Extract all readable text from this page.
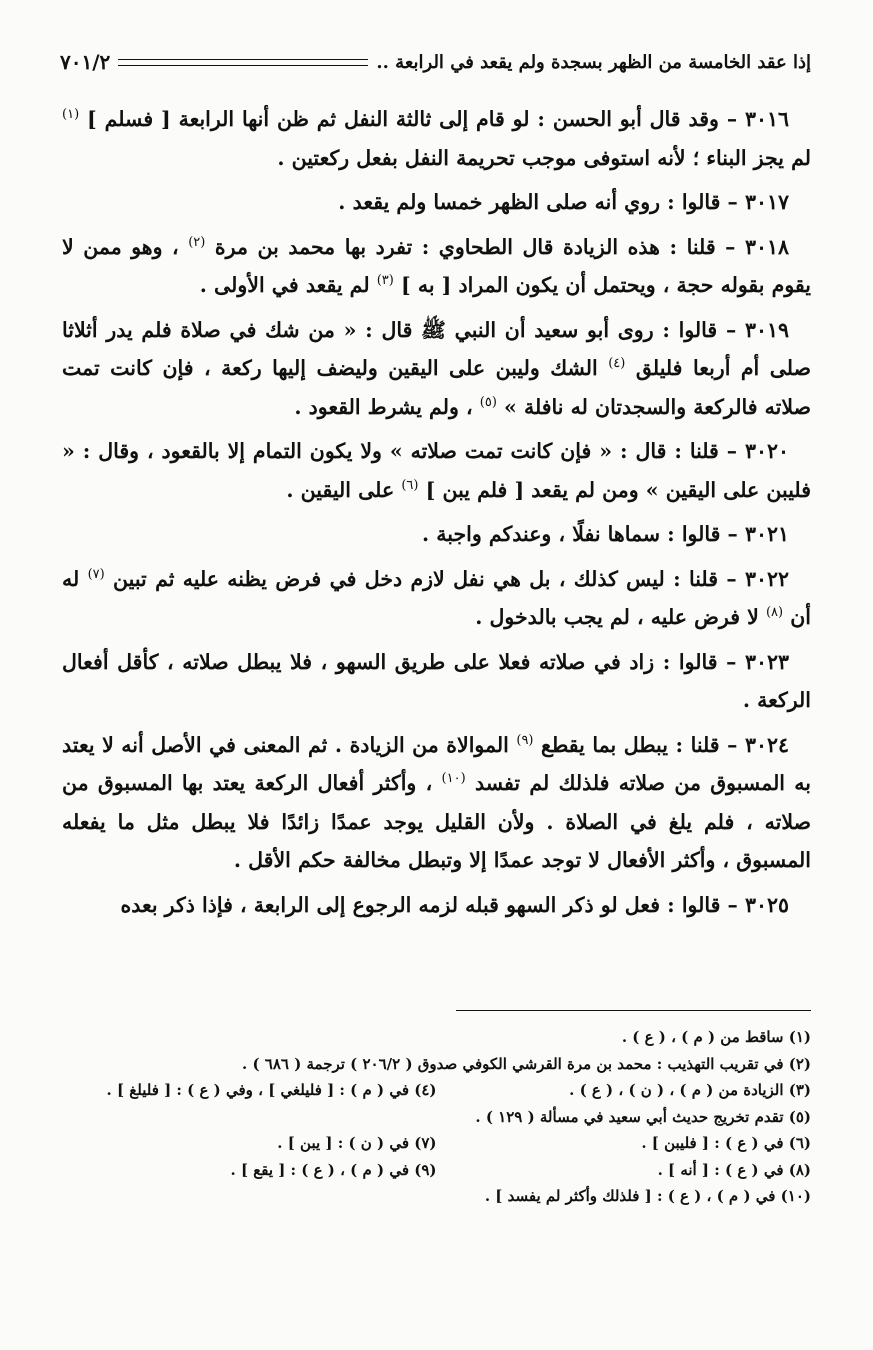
إذا عقد الخامسة من الظهر بسجدة ولم يقعد في الرابعة ..
٧٠١/٢

٣٠١٦ – وقد قال أبو الحسن : لو قام إلى ثالثة النفل ثم ظن أنها الرابعة [ فسلم ] $^{(١)}$ لم يجز البناء ؛ لأنه استوفى موجب تحريمة النفل بفعل ركعتين .

٣٠١٧ – قالوا : روي أنه صلى الظهر خمسا ولم يقعد .

٣٠١٨ – قلنا : هذه الزيادة قال الطحاوي : تفرد بها محمد بن مرة $^{(٢)}$ ، وهو ممن لا يقوم بقوله حجة ، ويحتمل أن يكون المراد [ به ] $^{(٣)}$ لم يقعد في الأولى .

٣٠١٩ – قالوا : روى أبو سعيد أن النبي ﷺ قال : « من شك في صلاة فلم يدر أثلاثا صلى أم أربعا فليلق $^{(٤)}$ الشك وليبن على اليقين وليضف إليها ركعة ، فإن كانت تمت صلاته فالركعة والسجدتان له نافلة » $^{(٥)}$ ، ولم يشرط القعود .

٣٠٢٠ – قلنا : قال : « فإن كانت تمت صلاته » ولا يكون التمام إلا بالقعود ، وقال : « فليبن على اليقين » ومن لم يقعد [ فلم يبن ] $^{(٦)}$ على اليقين .

٣٠٢١ – قالوا : سماها نفلًا ، وعندكم واجبة .

٣٠٢٢ – قلنا : ليس كذلك ، بل هي نفل لازم دخل في فرض يظنه عليه ثم تبين $^{(٧)}$ له أن $^{(٨)}$ لا فرض عليه ، لم يجب بالدخول .

٣٠٢٣ – قالوا : زاد في صلاته فعلا على طريق السهو ، فلا يبطل صلاته ، كأقل أفعال الركعة .

٣٠٢٤ – قلنا : يبطل بما يقطع $^{(٩)}$ الموالاة من الزيادة . ثم المعنى في الأصل أنه لا يعتد به المسبوق من صلاته فلذلك لم تفسد $^{(١٠)}$ ، وأكثر أفعال الركعة يعتد بها المسبوق من صلاته ، فلم يلغ في الصلاة . ولأن القليل يوجد عمدًا زائدًا فلا يبطل مثل ما يفعله المسبوق ، وأكثر الأفعال لا توجد عمدًا إلا وتبطل مخالفة حكم الأقل .

٣٠٢٥ – قالوا : فعل لو ذكر السهو قبله لزمه الرجوع إلى الرابعة ، فإذا ذكر بعده

(١) ساقط من ( م ) ، ( ع ) .
(٢) في تقريب التهذيب : محمد بن مرة القرشي الكوفي صدوق ( ٢٠٦/٢ ) ترجمة ( ٦٨٦ ) .
(٣) الزيادة من ( م ) ، ( ن ) ، ( ع ) .
(٤) في ( م ) : [ فليلغي ] ، وفي ( ع ) : [ فليلغ ] .
(٥) تقدم تخريج حديث أبي سعيد في مسألة ( ١٢٩ ) .
(٦) في ( ع ) : [ فليبن ] .
(٧) في ( ن ) : [ يبن ] .
(٨) في ( ع ) : [ أنه ] .
(٩) في ( م ) ، ( ع ) : [ يقع ] .
(١٠) في ( م ) ، ( ع ) : [ فلذلك وأكثر لم يفسد ] .
